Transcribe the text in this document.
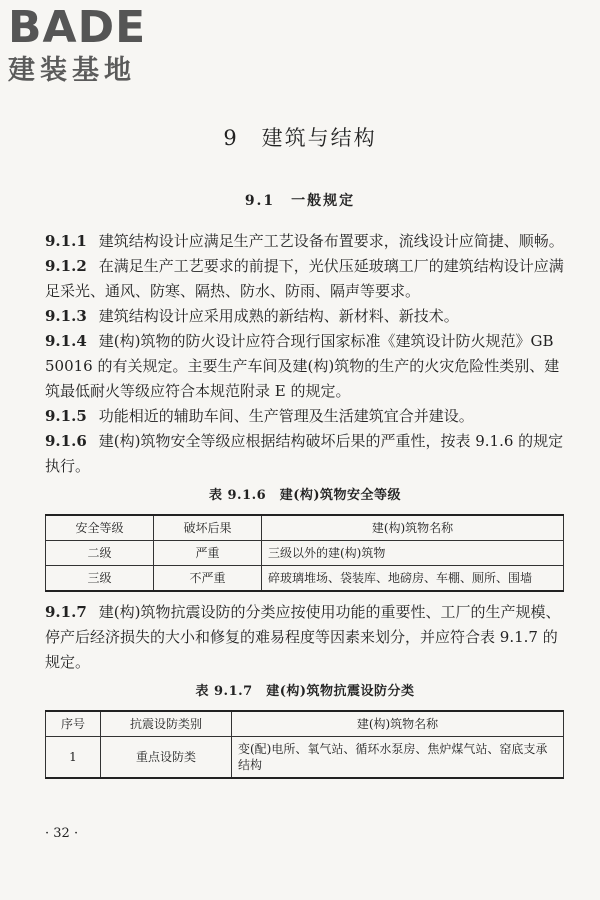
BADE
建装基地
9　建筑与结构
9.1　一般规定

9.1.1 建筑结构设计应满足生产工艺设备布置要求，流线设计应简捷、顺畅。

9.1.2 在满足生产工艺要求的前提下，光伏压延玻璃工厂的建筑结构设计应满足采光、通风、防寒、隔热、防水、防雨、隔声等要求。

9.1.3 建筑结构设计应采用成熟的新结构、新材料、新技术。

9.1.4 建(构)筑物的防火设计应符合现行国家标准《建筑设计防火规范》GB 50016 的有关规定。主要生产车间及建(构)筑物的生产的火灾危险性类别、建筑最低耐火等级应符合本规范附录 E 的规定。

9.1.5 功能相近的辅助车间、生产管理及生活建筑宜合并建设。

9.1.6 建(构)筑物安全等级应根据结构破坏后果的严重性，按表 9.1.6 的规定执行。

表 9.1.6　建(构)筑物安全等级
安全等级	破坏后果	建(构)筑物名称
二级	严重	三级以外的建(构)筑物
三级	不严重	碎玻璃堆场、袋装库、地磅房、车棚、厕所、围墙

9.1.7 建(构)筑物抗震设防的分类应按使用功能的重要性、工厂的生产规模、停产后经济损失的大小和修复的难易程度等因素来划分，并应符合表 9.1.7 的规定。

表 9.1.7　建(构)筑物抗震设防分类
序号	抗震设防类别	建(构)筑物名称
1	重点设防类	变(配)电所、氧气站、循环水泵房、焦炉煤气站、窑底支承结构
· 32 ·
